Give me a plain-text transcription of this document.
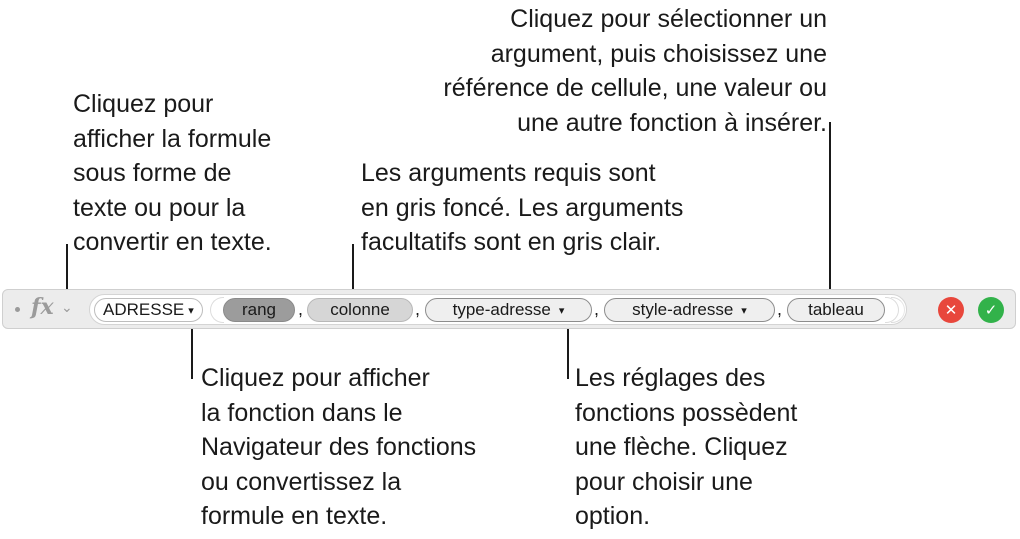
Cliquez pour sélectionner un
argument, puis choisissez une
référence de cellule, une valeur ou
une autre fonction à insérer.
Cliquez pour
afficher la formule
sous forme de
texte ou pour la
convertir en texte.
Les arguments requis sont
en gris foncé. Les arguments
facultatifs sont en gris clair.
fx ⌄ ADRESSE ▾	rang , colonne , type-adresse ▾ , style-adresse ▾ , tableau	✕	✓
Cliquez pour afficher
la fonction dans le
Navigateur des fonctions
ou convertissez la
formule en texte.
Les réglages des
fonctions possèdent
une flèche. Cliquez
pour choisir une
option.
